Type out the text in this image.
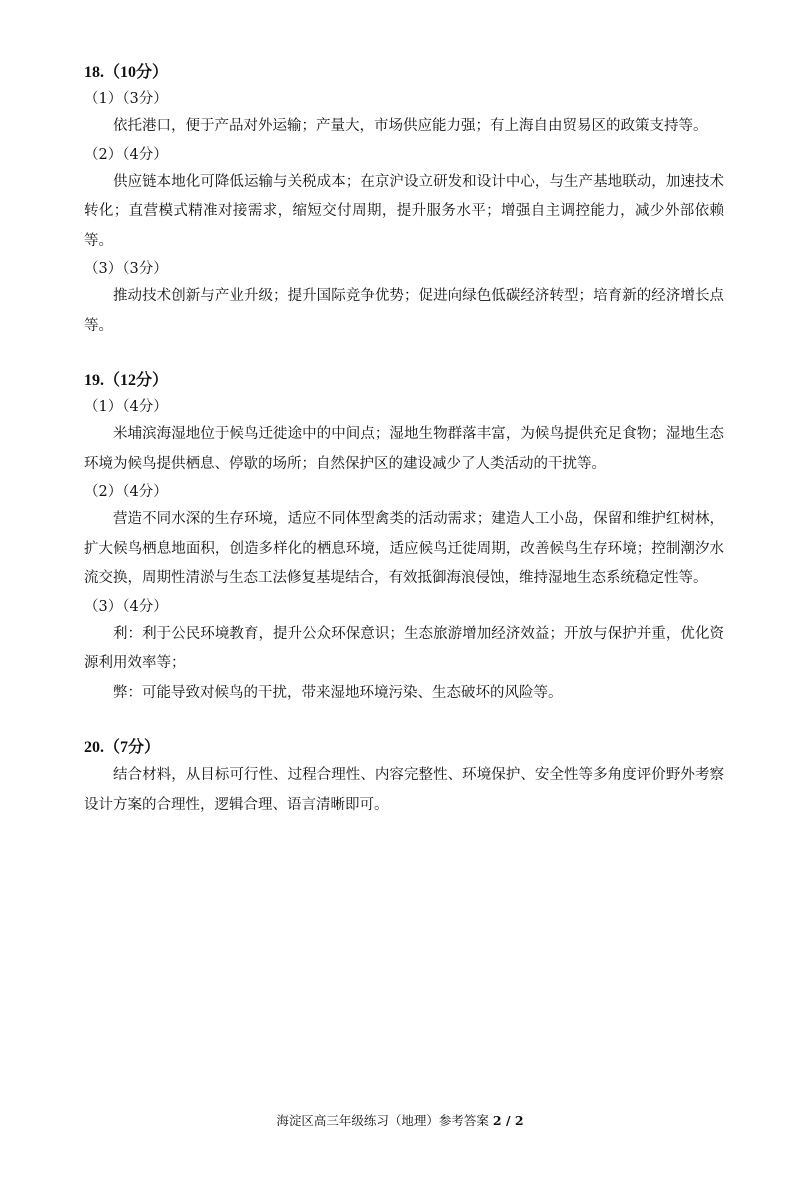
18.（10分）

（1）（3分）

依托港口，便于产品对外运输；产量大，市场供应能力强；有上海自由贸易区的政策支持等。

（2）（4分）

供应链本地化可降低运输与关税成本；在京沪设立研发和设计中心，与生产基地联动，加速技术转化；直营模式精准对接需求，缩短交付周期，提升服务水平；增强自主调控能力，减少外部依赖等。

（3）（3分）

推动技术创新与产业升级；提升国际竞争优势；促进向绿色低碳经济转型；培育新的经济增长点等。

19.（12分）

（1）（4分）

米埔滨海湿地位于候鸟迁徙途中的中间点；湿地生物群落丰富，为候鸟提供充足食物；湿地生态环境为候鸟提供栖息、停歇的场所；自然保护区的建设减少了人类活动的干扰等。

（2）（4分）

营造不同水深的生存环境，适应不同体型禽类的活动需求；建造人工小岛，保留和维护红树林，扩大候鸟栖息地面积，创造多样化的栖息环境，适应候鸟迁徙周期，改善候鸟生存环境；控制潮汐水流交换，周期性清淤与生态工法修复基堤结合，有效抵御海浪侵蚀，维持湿地生态系统稳定性等。

（3）（4分）

利：利于公民环境教育，提升公众环保意识；生态旅游增加经济效益；开放与保护并重，优化资源利用效率等；

弊：可能导致对候鸟的干扰，带来湿地环境污染、生态破坏的风险等。

20.（7分）

结合材料，从目标可行性、过程合理性、内容完整性、环境保护、安全性等多角度评价野外考察设计方案的合理性，逻辑合理、语言清晰即可。

海淀区高三年级练习（地理）参考答案 2 / 2
